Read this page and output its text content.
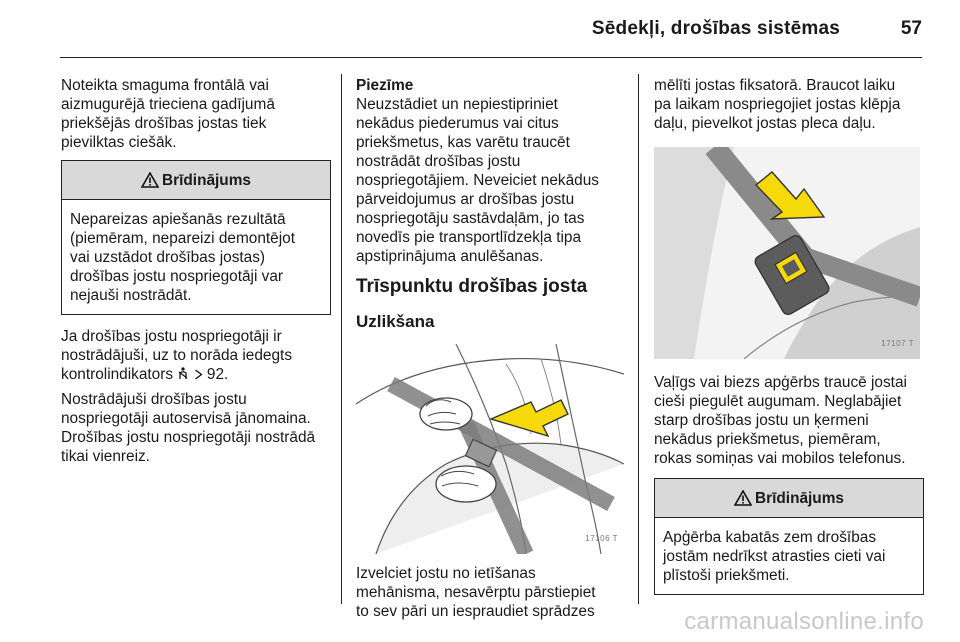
Sēdekļi, drošības sistēmas	57

Noteikta smaguma frontālā vai
aizmugurējā trieciena gadījumā
priekšējās drošības jostas tiek
pievilktas ciešāk.

Brīdinājums
Nepareizas apiešanās rezultātā
(piemēram, nepareizi demontējot
vai uzstādot drošības jostas)
drošības jostu nospriegotāji var
nejauši nostrādāt.

Ja drošības jostu nospriegotāji ir
nostrādājuši, uz to norāda iedegts
kontrolindikators 92.

Nostrādājuši drošības jostu
nospriegotāji autoservisā jānomaina.
Drošības jostu nospriegotāji nostrādā
tikai vienreiz.

Piezīme

Neuzstādiet un nepiestipriniet
nekādus piederumus vai citus
priekšmetus, kas varētu traucēt
nostrādāt drošības jostu
nospriegotājiem. Neveiciet nekādus
pārveidojumus ar drošības jostu
nospriegotāju sastāvdaļām, jo tas
novedīs pie transportlīdzekļa tipa
apstiprinājuma anulēšanas.

Trīspunktu drošības josta
Uzlikšana
17106 T

Izvelciet jostu no ietīšanas
mehānisma, nesavērptu pārstiepiet
to sev pāri un iespraudiet sprādzes

mēlīti jostas fiksatorā. Braucot laiku
pa laikam nospriegojiet jostas klēpja
daļu, pievelkot jostas pleca daļu.

17107 T

Vaļīgs vai biezs apģērbs traucē jostai
cieši piegulēt augumam. Neglabājiet
starp drošības jostu un ķermeni
nekādus priekšmetus, piemēram,
rokas somiņas vai mobilos telefonus.

Brīdinājums
Apģērba kabatās zem drošības
jostām nedrīkst atrasties cieti vai
plīstoši priekšmeti.
carmanualsonline.info
